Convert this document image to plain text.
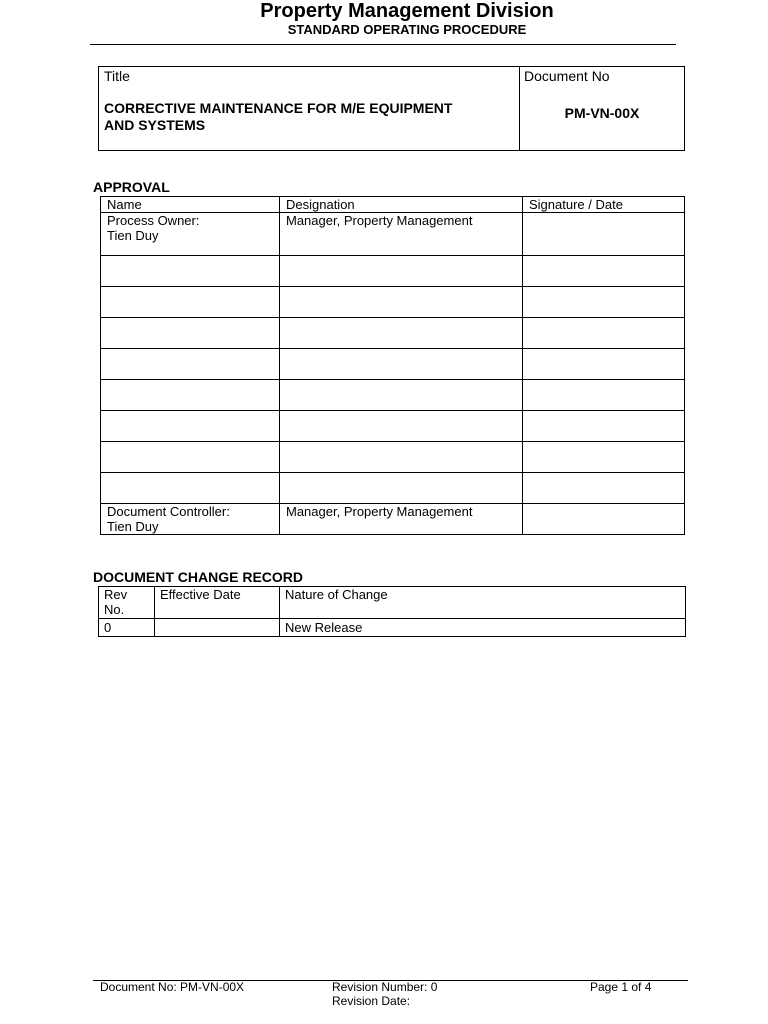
Property Management Division
STANDARD OPERATING PROCEDURE
Title
CORRECTIVE MAINTENANCE FOR M/E EQUIPMENT
AND SYSTEMS

Document No
PM-VN-00X
APPROVAL
Name	Designation	Signature / Date

Process Owner:
Tien Duy	Manager, Property Management	

Document Controller:
Tien Duy	Manager, Property Management	
DOCUMENT CHANGE RECORD
Rev
No.	Effective Date	Nature of Change
0		New Release
Document No: PM-VN-00X	Revision Number: 0
Revision Date:
Page 1 of 4
